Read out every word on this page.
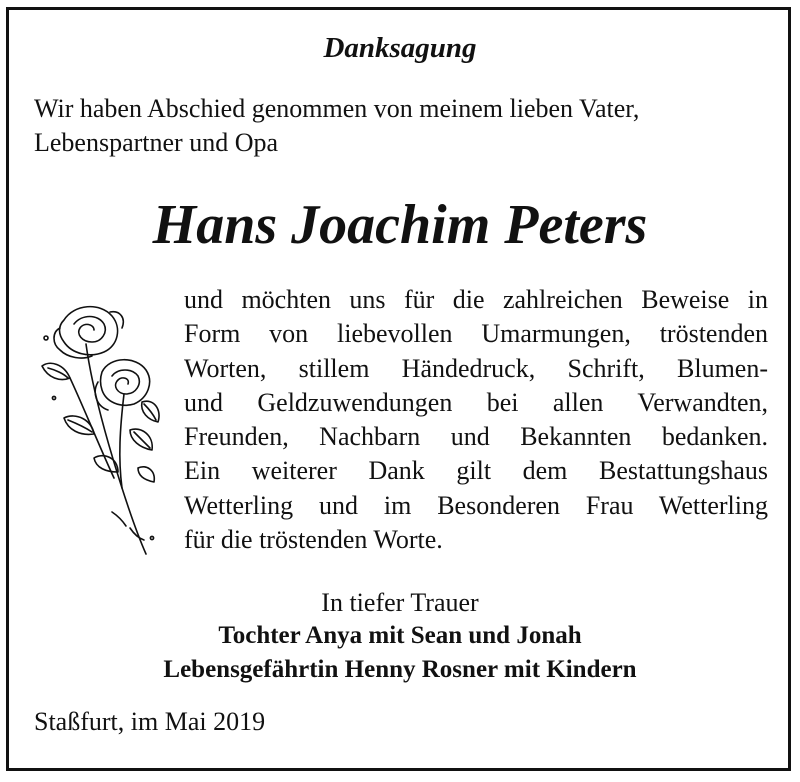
Danksagung
Wir haben Abschied genommen von meinem lieben Vater,
Lebenspartner und Opa
Hans Joachim Peters
und möchten uns für die zahlreichen Beweise in
Form von liebevollen Umarmungen, tröstenden
Worten, stillem Händedruck, Schrift, Blumen-
und Geldzuwendungen bei allen Verwandten,
Freunden, Nachbarn und Bekannten bedanken.
Ein weiterer Dank gilt dem Bestattungshaus
Wetterling und im Besonderen Frau Wetterling
für die tröstenden Worte.
In tiefer Trauer
Tochter Anya mit Sean und Jonah
Lebensgefährtin Henny Rosner mit Kindern
Staßfurt, im Mai 2019
